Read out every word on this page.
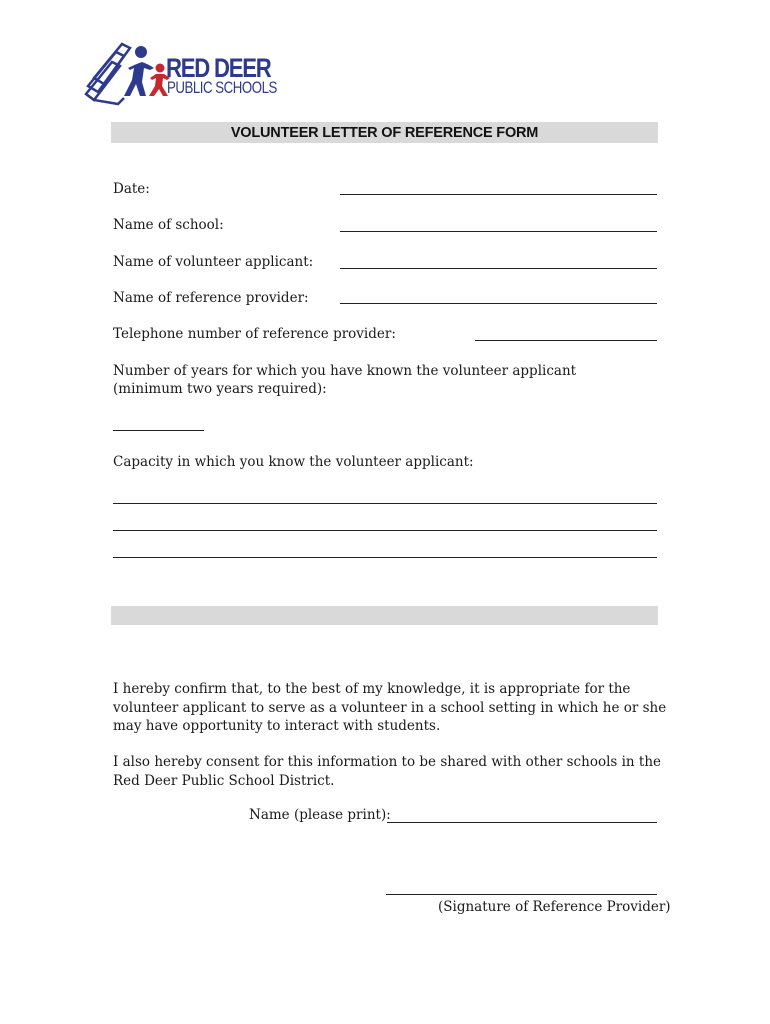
RED DEER
PUBLIC SCHOOLS
VOLUNTEER LETTER OF REFERENCE FORM
Date:
Name of school:
Name of volunteer applicant:
Name of reference provider:
Telephone number of reference provider:
Number of years for which you have known the volunteer applicant
(minimum two years required):
Capacity in which you know the volunteer applicant:
I hereby confirm that, to the best of my knowledge, it is appropriate for the volunteer applicant to serve as a volunteer in a school setting in which he or she may have opportunity to interact with students.
I also hereby consent for this information to be shared with other schools in the Red Deer Public School District.
Name (please print):
(Signature of Reference Provider)
